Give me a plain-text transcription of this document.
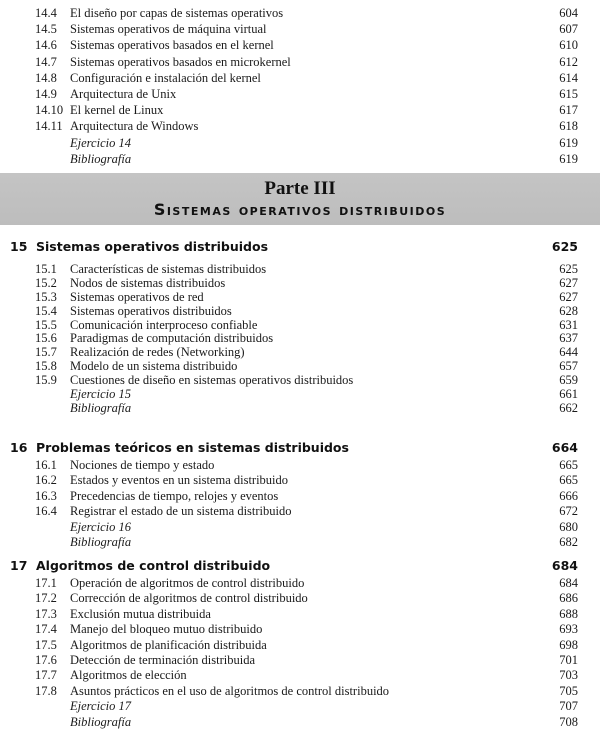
14.4 El diseño por capas de sistemas operativos	604
14.5 Sistemas operativos de máquina virtual	607
14.6 Sistemas operativos basados en el kernel	610
14.7 Sistemas operativos basados en microkernel	612
14.8 Configuración e instalación del kernel	614
14.9 Arquitectura de Unix	615
14.10 El kernel de Linux	617
14.11 Arquitectura de Windows	618
Ejercicio 14	619
Bibliografía	619
Parte III
Sistemas operativos distribuidos
15 Sistemas operativos distribuidos	625
15.1 Características de sistemas distribuidos	625
15.2 Nodos de sistemas distribuidos	627
15.3 Sistemas operativos de red	627
15.4 Sistemas operativos distribuidos	628
15.5 Comunicación interproceso confiable	631
15.6 Paradigmas de computación distribuidos	637
15.7 Realización de redes (Networking)	644
15.8 Modelo de un sistema distribuido	657
15.9 Cuestiones de diseño en sistemas operativos distribuidos	659
Ejercicio 15	661
Bibliografía	662
16 Problemas teóricos en sistemas distribuidos	664
16.1 Nociones de tiempo y estado	665
16.2 Estados y eventos en un sistema distribuido	665
16.3 Precedencias de tiempo, relojes y eventos	666
16.4 Registrar el estado de un sistema distribuido	672
Ejercicio 16	680
Bibliografía	682
17 Algoritmos de control distribuido	684
17.1 Operación de algoritmos de control distribuido	684
17.2 Corrección de algoritmos de control distribuido	686
17.3 Exclusión mutua distribuida	688
17.4 Manejo del bloqueo mutuo distribuido	693
17.5 Algoritmos de planificación distribuida	698
17.6 Detección de terminación distribuida	701
17.7 Algoritmos de elección	703
17.8 Asuntos prácticos en el uso de algoritmos de control distribuido	705
Ejercicio 17	707
Bibliografía	708
